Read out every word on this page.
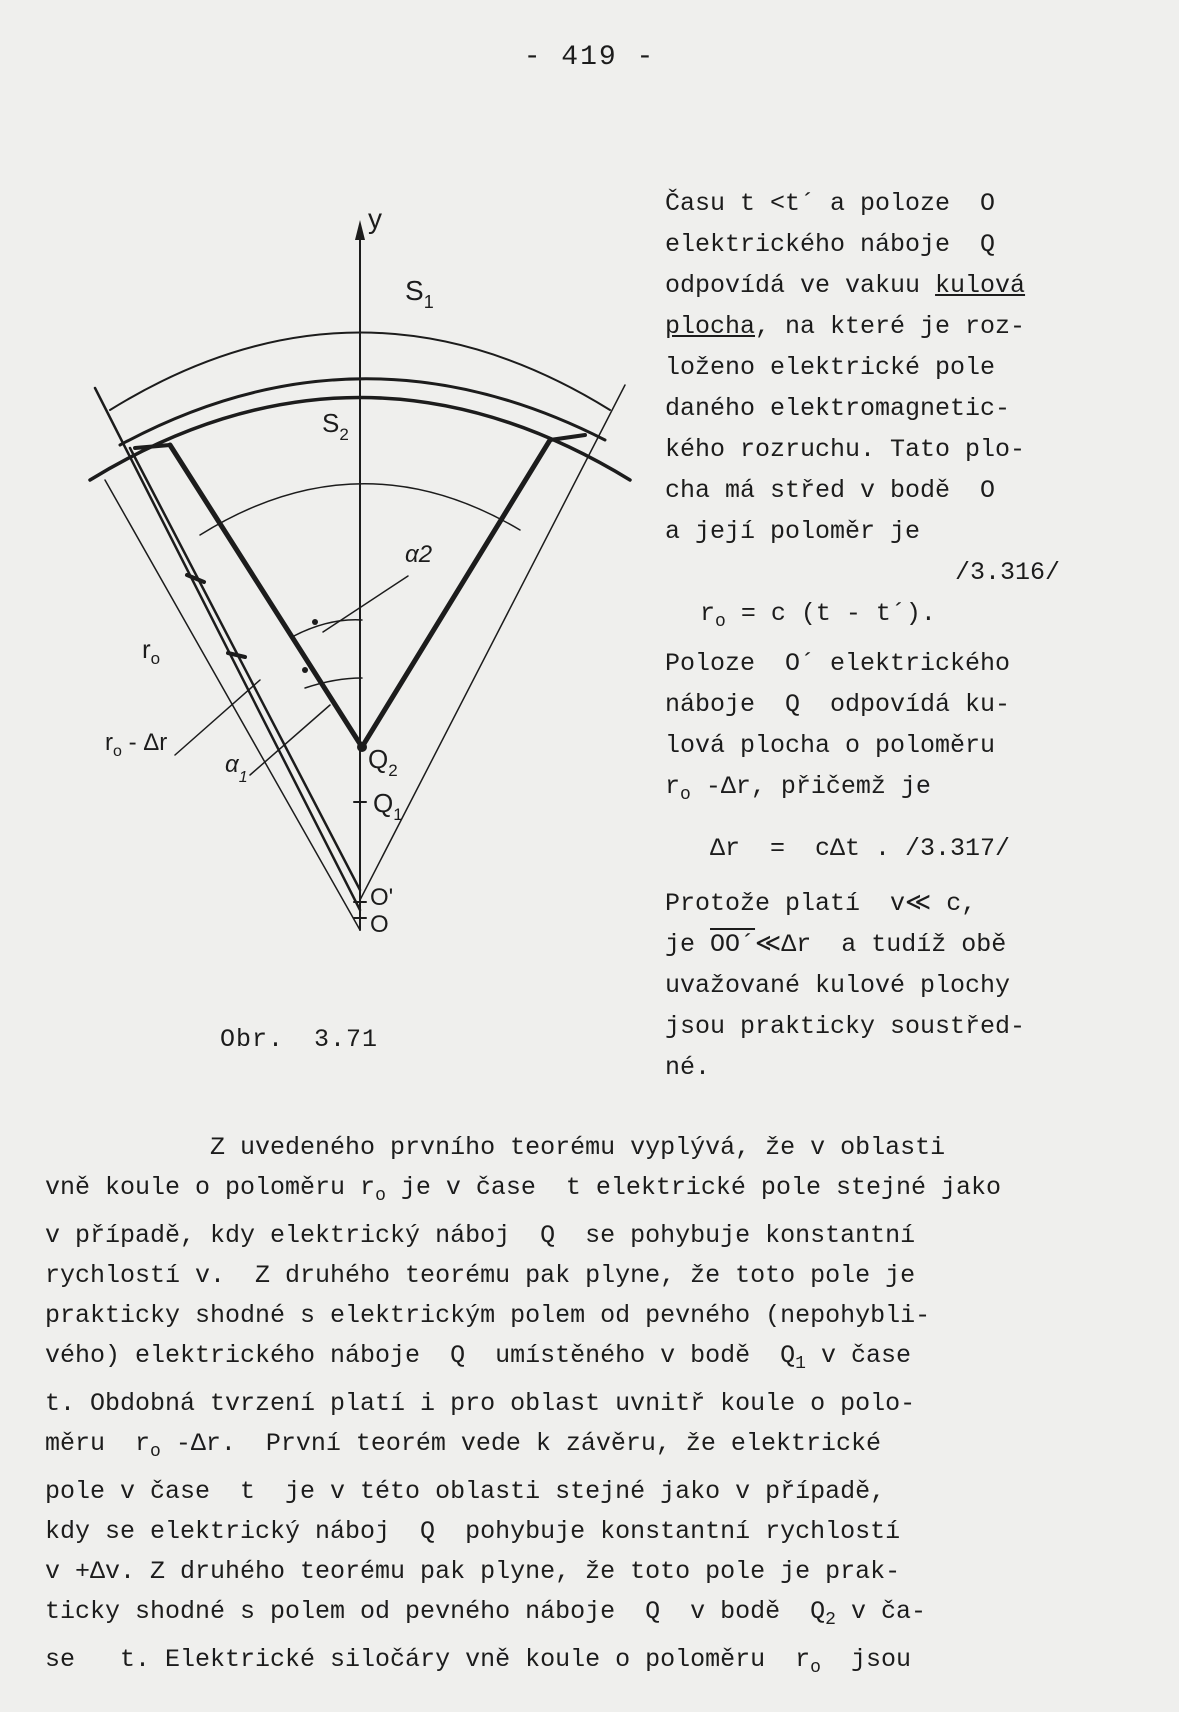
- 419 -
y
$S_1$
$S_2$
α2
$r_o$
$r_o$ - Δr
$\alpha_1$
$Q_2$
$Q_1$
O'
O
Obr. 3.71
Času t <t´ a poloze  O
elektrického náboje  Q
odpovídá ve vakuu kulová
plocha, na které je roz-
loženo elektrické pole
daného elektromagnetic-
kého rozruchu. Tato plo-
cha má střed v bodě  O
a její poloměr je
/3.316/
$r_o = c$ (t - t´).
Poloze  O´ elektrického
náboje  Q  odpovídá ku-
lová plocha o poloměru
$r_o$ -Δr, přičemž je
Δr  =  cΔt . /3.317/
Protože platí  v≪ c,
je OO´≪Δr  a tudíž obě
uvažované kulové plochy
jsou prakticky soustřed-
né.
Z uvedeného prvního teorému vyplývá, že v oblasti
vně koule o poloměru $r_o$ je v čase  t elektrické pole stejné jako
v případě, kdy elektrický náboj  Q  se pohybuje konstantní
rychlostí v.  Z druhého teorému pak plyne, že toto pole je
prakticky shodné s elektrickým polem od pevného (nepohybli-
vého) elektrického náboje  Q  umístěného v bodě  $Q_1$ v čase
t. Obdobná tvrzení platí i pro oblast uvnitř koule o polo-
měru  $r_o$ -Δr.  První teorém vede k závěru, že elektrické
pole v čase  t  je v této oblasti stejné jako v případě,
kdy se elektrický náboj  Q  pohybuje konstantní rychlostí
v +Δv. Z druhého teorému pak plyne, že toto pole je prak-
ticky shodné s polem od pevného náboje  Q  v bodě  $Q_2$ v ča-
se   t. Elektrické siločáry vně koule o poloměru  $r_o$  jsou
